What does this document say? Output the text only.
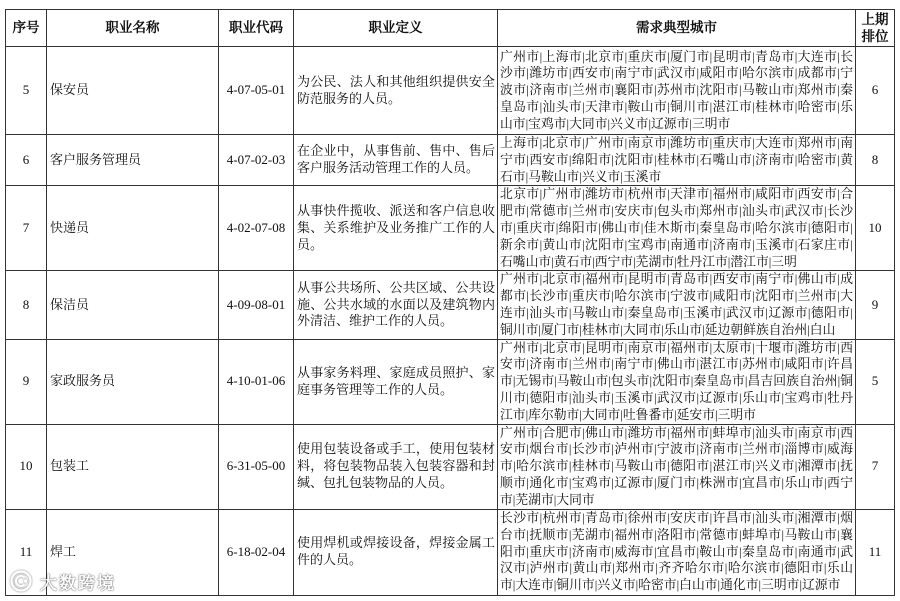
序号	职业名称	职业代码	职业定义	需求典型城市	上期排位

5	保安员	4-07-05-01	为公民、法人和其他组织提供安全防范服务的人员。	广州市|上海市|北京市|重庆市|厦门市|昆明市|青岛市|大连市|长沙市|潍坊市|西安市|南宁市|武汉市|咸阳市|哈尔滨市|成都市|宁波市|济南市|兰州市|襄阳市|苏州市|沈阳市|马鞍山市|郑州市|秦皇岛市|汕头市|天津市|鞍山市|铜川市|湛江市|桂林市|哈密市|乐山市|宝鸡市|大同市|兴义市|辽源市|三明市	6
6	客户服务管理员	4-07-02-03	在企业中，从事售前、售中、售后客户服务活动管理工作的人员。	上海市|北京市|广州市|南京市|潍坊市|重庆市|大连市|郑州市|南宁市|西安市|绵阳市|沈阳市|桂林市|石嘴山市|济南市|哈密市|黄石市|马鞍山市|兴义市|玉溪市	8
7	快递员	4-02-07-08	从事快件揽收、派送和客户信息收集、关系维护及业务推广工作的人员。	北京市|广州市|潍坊市|杭州市|天津市|福州市|咸阳市|西安市|合肥市|常德市|兰州市|安庆市|包头市|郑州市|汕头市|武汉市|长沙市|重庆市|绵阳市|佛山市|佳木斯市|秦皇岛市|哈尔滨市|德阳市|新余市|黄山市|沈阳市|宝鸡市|南通市|济南市|玉溪市|石家庄市|石嘴山市|黄石市|西宁市|芜湖市|牡丹江市|潜江市|三明	10
8	保洁员	4-09-08-01	从事公共场所、公共区域、公共设施、公共水域的水面以及建筑物内外清洁、维护工作的人员。	广州市|北京市|福州市|昆明市|青岛市|西安市|南宁市|佛山市|成都市|长沙市|重庆市|哈尔滨市|宁波市|咸阳市|沈阳市|兰州市|大连市|汕头市|马鞍山市|秦皇岛市|玉溪市|武汉市|辽源市|德阳市|铜川市|厦门市|桂林市|大同市|乐山市|延边朝鲜族自治州|白山	9
9	家政服务员	4-10-01-06	从事家务料理、家庭成员照护、家庭事务管理等工作的人员。	广州市|北京市|昆明市|南京市|福州市|太原市|十堰市|潍坊市|西安市|济南市|兰州市|南宁市|佛山市|湛江市|苏州市|咸阳市|许昌市|无锡市|马鞍山市|包头市|沈阳市|秦皇岛市|昌吉回族自治州|铜川市|德阳市|汕头市|玉溪市|武汉市|辽源市|乐山市|宝鸡市|牡丹江市|库尔勒市|大同市|吐鲁番市|延安市|三明市	5
10	包装工	6-31-05-00	使用包装设备或手工，使用包装材料，将包装物品装入包装容器和封缄、包扎包装物品的人员。	广州市|合肥市|佛山市|潍坊市|福州市|蚌埠市|汕头市|南京市|西安市|烟台市|长沙市|泸州市|宁波市|济南市|兰州市|淄博市|威海市|哈尔滨市|桂林市|马鞍山市|德阳市|湛江市|兴义市|湘潭市|抚顺市|通化市|宝鸡市|辽源市|厦门市|株洲市|宜昌市|乐山市|西宁市|芜湖市|大同市	7
11	焊工	6-18-02-04	使用焊机或焊接设备，焊接金属工件的人员。	长沙市|杭州市|青岛市|徐州市|安庆市|许昌市|汕头市|湘潭市|烟台市|抚顺市|芜湖市|福州市|洛阳市|常德市|蚌埠市|马鞍山市|襄阳市|重庆市|济南市|威海市|宜昌市|鞍山市|秦皇岛市|南通市|武汉市|泸州市|黄山市|郑州市|齐齐哈尔市|哈尔滨市|德阳市|乐山市|大连市|铜川市|兴义市|哈密市|白山市|通化市|三明市|辽源市	11
大数跨境
